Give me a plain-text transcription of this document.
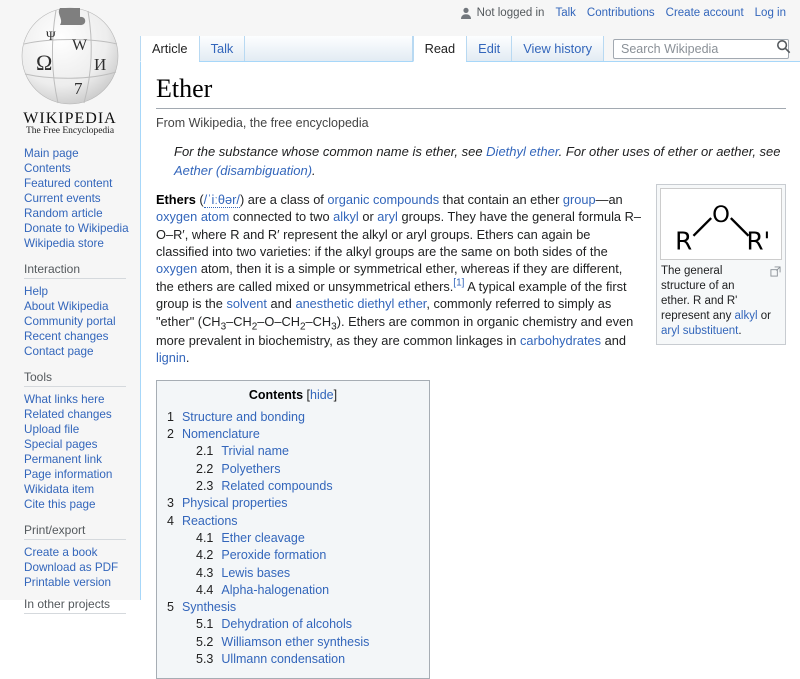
Ω
W
И
7
Ψ
WIKIPEDIA
The Free Encyclopedia
Main page
Contents
Featured content
Current events
Random article
Donate to Wikipedia
Wikipedia store
Interaction
Help
About Wikipedia
Community portal
Recent changes
Contact page
Tools
What links here
Related changes
Upload file
Special pages
Permanent link
Page information
Wikidata item
Cite this page
Print/export
Create a book
Download as PDF
Printable version
In other projects
Not logged in Talk Contributions Create account Log in
Article Talk	Read Edit View history
Search Wikipedia
Ether
From Wikipedia, the free encyclopedia
For the substance whose common name is ether, see Diethyl ether. For other uses of ether or aether, see Aether (disambiguation).
O
R R'
The general structure of an ether. R and R' represent any alkyl or aryl substituent.
Ethers (/ˈiːθər/) are a class of organic compounds that contain an ether group—an oxygen atom connected to two alkyl or aryl groups. They have the general formula R–O–R′, where R and R′ represent the alkyl or aryl groups. Ethers can again be classified into two varieties: if the alkyl groups are the same on both sides of the oxygen atom, then it is a simple or symmetrical ether, whereas if they are different, the ethers are called mixed or unsymmetrical ethers.[1] A typical example of the first group is the solvent and anesthetic diethyl ether, commonly referred to simply as "ether" $(CH_3-CH_2-O-CH_2-CH_3)$. Ethers are common in organic chemistry and even more prevalent in biochemistry, as they are common linkages in carbohydrates and lignin.
Contents [hide]
1 Structure and bonding
2 Nomenclature
2.1 Trivial name
2.2 Polyethers
2.3 Related compounds
3 Physical properties
4 Reactions
4.1 Ether cleavage
4.2 Peroxide formation
4.3 Lewis bases
4.4 Alpha-halogenation
5 Synthesis
5.1 Dehydration of alcohols
5.2 Williamson ether synthesis
5.3 Ullmann condensation
